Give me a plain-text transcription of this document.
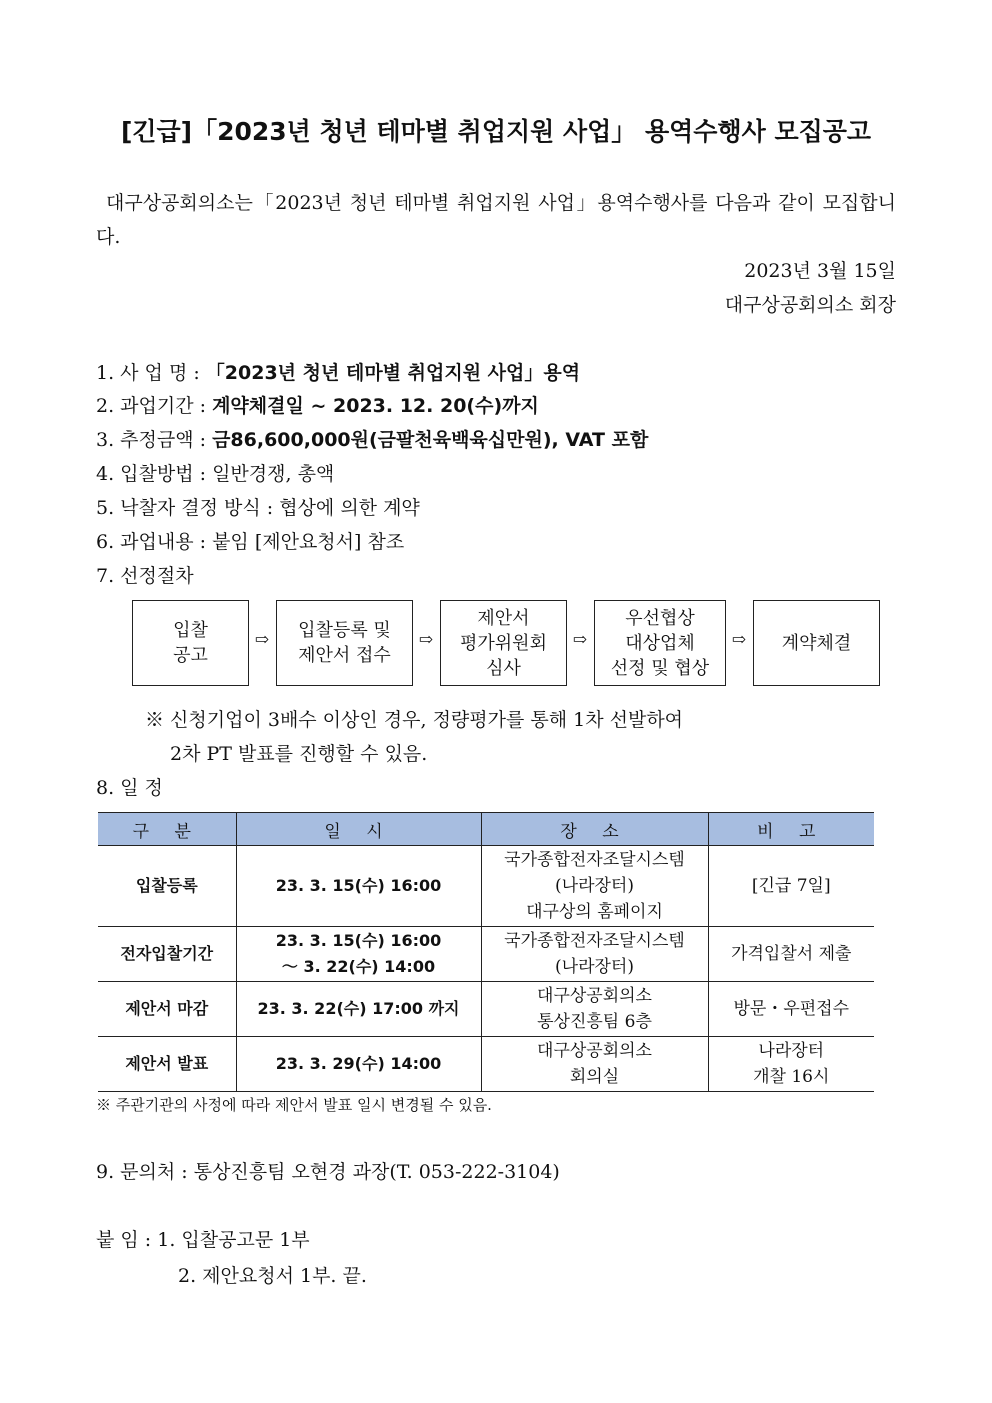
[긴급]「2023년 청년 테마별 취업지원 사업」 용역수행사 모집공고
대구상공회의소는「2023년 청년 테마별 취업지원 사업」용역수행사를 다음과 같이 모집합니다.
2023년 3월 15일
대구상공회의소 회장
1. 사 업 명 : 「2023년 청년 테마별 취업지원 사업」용역
2. 과업기간 : 계약체결일 ~ 2023. 12. 20(수)까지
3. 추정금액 : 금86,600,000원(금팔천육백육십만원), VAT 포함
4. 입찰방법 : 일반경쟁, 총액
5. 낙찰자 결정 방식 : 협상에 의한 계약
6. 과업내용 : 붙임 [제안요청서] 참조
7. 선정절차
입찰
공고
⇨	입찰등록 및
제안서 접수
⇨
제안서
평가위원회
심사
⇨
우선협상
대상업체
선정 및 협상
⇨	계약체결
※ 신청기업이 3배수 이상인 경우, 정량평가를 통해 1차 선발하여
2차 PT 발표를 진행할 수 있음.
8. 일 정
구 분	일 시	장 소	비 고
입찰등록	23. 3. 15(수) 16:00	국가종합전자조달시스템
(나라장터)
대구상의 홈페이지	[긴급 7일]
전자입찰기간	23. 3. 15(수) 16:00
～ 3. 22(수) 14:00	국가종합전자조달시스템
(나라장터)	가격입찰서 제출
제안서 마감	23. 3. 22(수) 17:00 까지	대구상공회의소
통상진흥팀 6층	방문・우편접수
제안서 발표	23. 3. 29(수) 14:00	대구상공회의소
회의실	나라장터
개찰 16시
※ 주관기관의 사정에 따라 제안서 발표 일시 변경될 수 있음.
9. 문의처 : 통상진흥팀 오현경 과장(T. 053-222-3104)
붙 임 : 1. 입찰공고문 1부
2. 제안요청서 1부. 끝.
